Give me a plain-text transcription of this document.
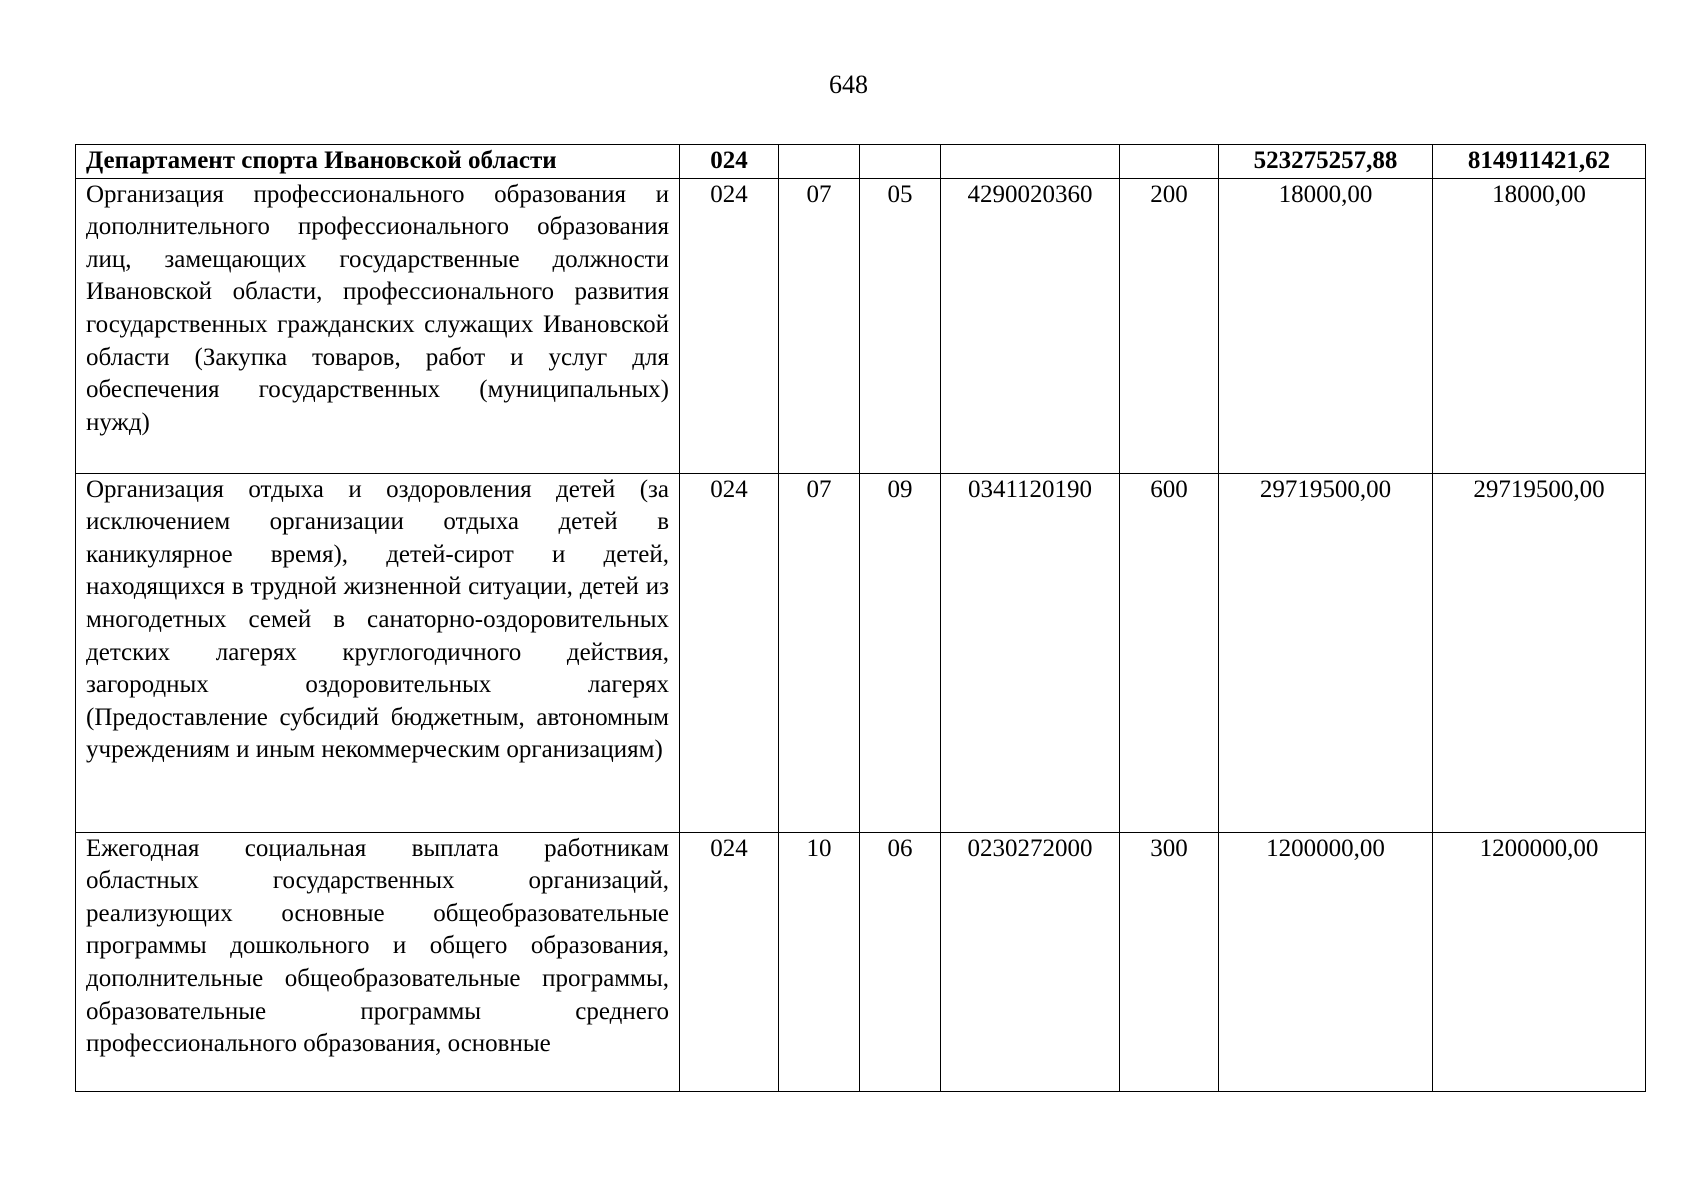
648
Департамент спорта Ивановской области	024					523275257,88	814911421,62
Организация профессионального образования и дополнительного профессионального образования лиц, замещающих государственные должности Ивановской области, профессионального развития государственных гражданских служащих Ивановской области (Закупка товаров, работ и услуг для обеспечения государственных (муниципальных) нужд)	024	07	05	4290020360	200	18000,00	18000,00
Организация отдыха и оздоровления детей (за исключением организации отдыха детей в каникулярное время), детей-сирот и детей, находящихся в трудной жизненной ситуации, детей из многодетных семей в санаторно-оздоровительных детских лагерях круглогодичного действия, загородных оздоровительных лагерях (Предоставление субсидий бюджетным, автономным учреждениям и иным некоммерческим организациям)	024	07	09	0341120190	600	29719500,00	29719500,00
Ежегодная социальная выплата работникам областных государственных организаций, реализующих основные общеобразовательные программы дошкольного и общего образования, дополнительные общеобразовательные программы, образовательные программы среднего профессионального образования, основные	024	10	06	0230272000	300	1200000,00	1200000,00
